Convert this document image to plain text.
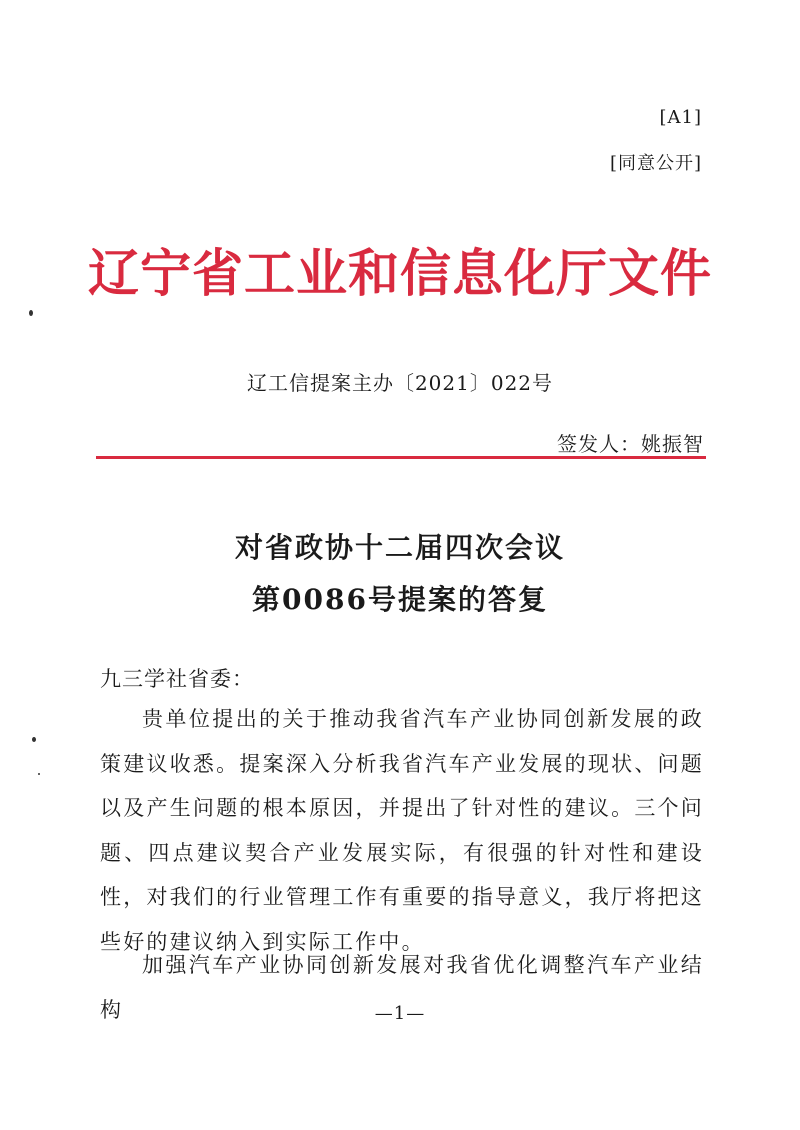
[A1]
[同意公开]
辽宁省工业和信息化厅文件
辽工信提案主办〔2021〕022号
签发人：姚振智
对省政协十二届四次会议
第0086号提案的答复
九三学社省委：
贵单位提出的关于推动我省汽车产业协同创新发展的政策建议收悉。提案深入分析我省汽车产业发展的现状、问题以及产生问题的根本原因，并提出了针对性的建议。三个问题、四点建议契合产业发展实际，有很强的针对性和建设性，对我们的行业管理工作有重要的指导意义，我厅将把这些好的建议纳入到实际工作中。
加强汽车产业协同创新发展对我省优化调整汽车产业结构	—1—
